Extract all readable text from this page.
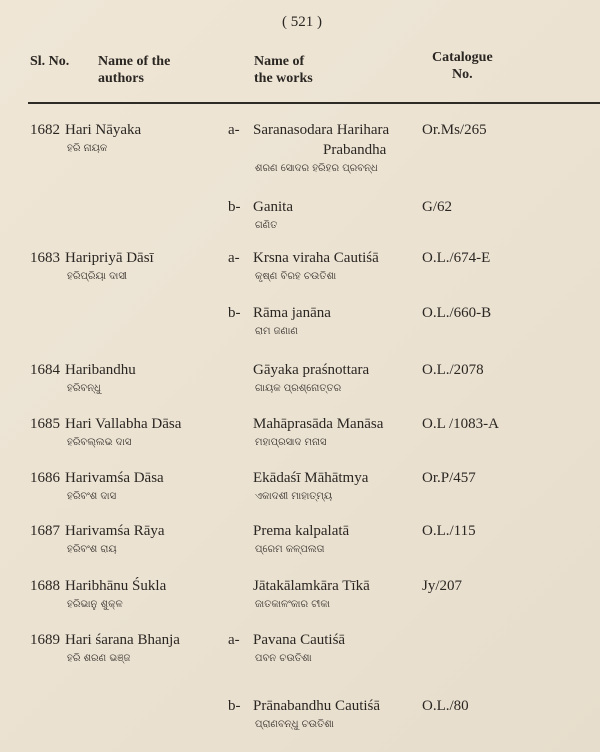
( 521 )
Sl. No. Name of the
authors
Name of
the works
Catalogue
No.
1682 Hari Nāyaka
ହରି ନାୟକ
a- Saranasodara Harihara
Prabandha
ଶରଣ ସୋଦର ହରିହର ପ୍ରବନ୍ଧ
Or.Ms/265
b- Ganita
ଗଣିତ
G/62
1683 Haripriyā Dāsī
ହରିପ୍ରିୟା ଦାସୀ
a- Krsna viraha Cautiśā
କୃଷ୍ଣ ବିରହ ଚଉତିଶା
O.L./674-E
b- Rāma janāna
ରାମ ଜଣାଣ
O.L./660-B
1684 Haribandhu
ହରିବନ୍ଧୁ
Gāyaka praśnottara
ଗାୟକ ପ୍ରଶ୍ନୋତ୍ତର
O.L./2078
1685 Hari Vallabha Dāsa
ହରିବଲ୍ଲଭ ଦାସ
Mahāprasāda Manāsa
ମହାପ୍ରସାଦ ମନାସ
O.L /1083-A
1686 Harivamśa Dāsa
ହରିବଂଶ ଦାସ
Ekādaśī Māhātmya
ଏକାଦଶୀ ମାହାତ୍ମ୍ୟ
Or.P/457
1687 Harivamśa Rāya
ହରିବଂଶ ରାୟ
Prema kalpalatā
ପ୍ରେମ କଳ୍ପଲତା
O.L./115
1688 Haribhānu Śukla
ହରିଭାନୁ ଶୁକ୍ଳ
Jātakālamkāra Tīkā
ଜାତକାଳଂକାର ଟୀକା
Jy/207
1689 Hari śarana Bhanja
ହରି ଶରଣ ଭଞ୍ଜ
a- Pavana Cautiśā
ପବନ ଚଉତିଶା
b- Prānabandhu Cautiśā
ପ୍ରାଣବନ୍ଧୁ ଚଉତିଶା
O.L./80
